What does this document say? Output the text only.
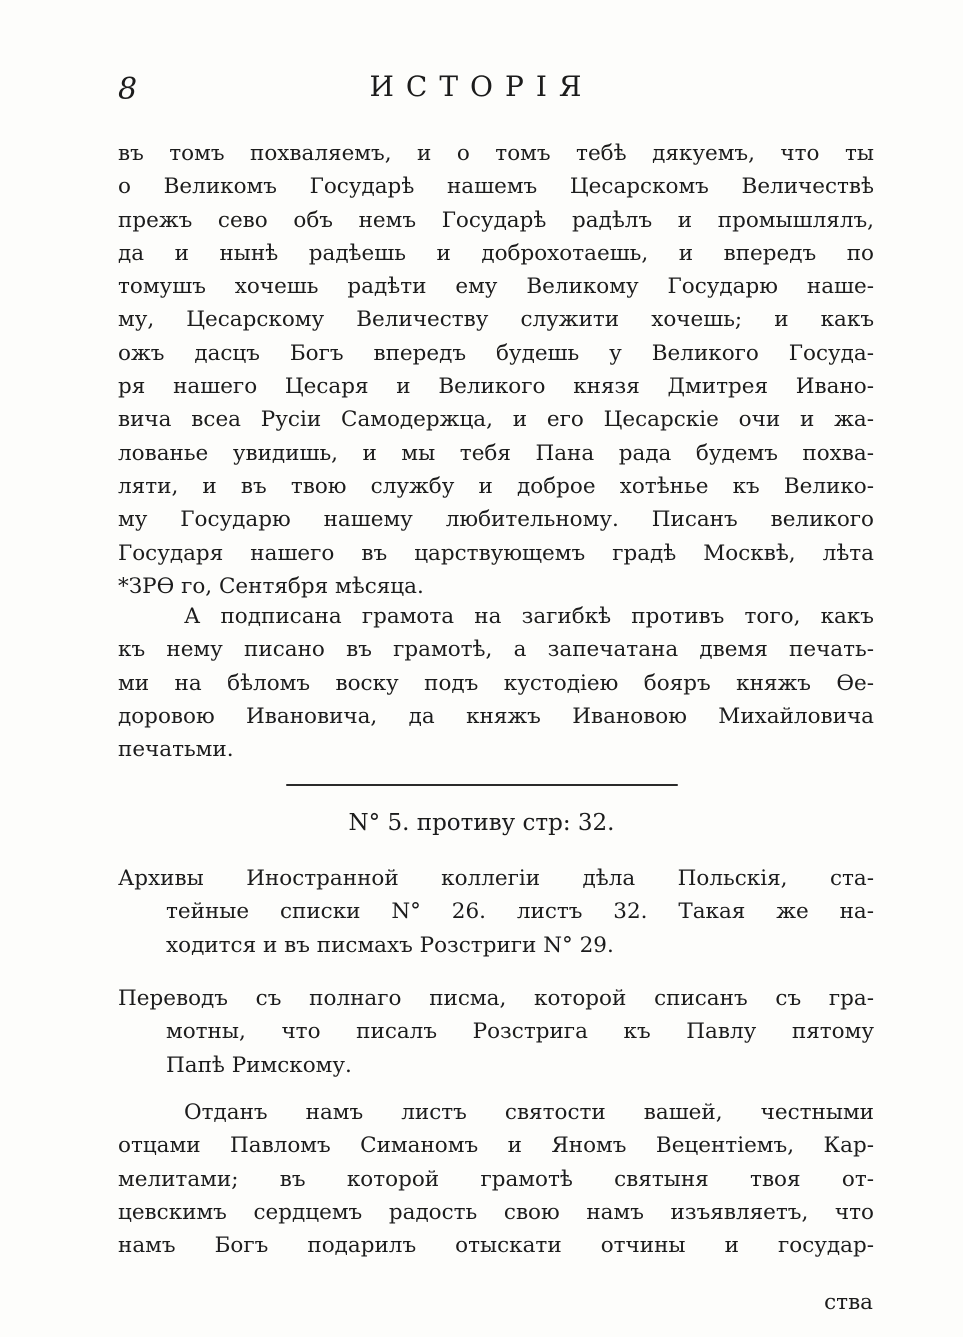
8	ИСТОРІЯ
въ томъ похваляемъ, и о томъ тебѣ дякуемъ, что ты
о Великомъ Государѣ нашемъ Цесарскомъ Величествѣ
прежъ сево объ немъ Государѣ радѣлъ и промышлялъ,
да и нынѣ радѣешь и доброхотаешь, и впередъ по
томушъ хочешь радѣти ему Великому Государю наше-
му, Цесарскому Величеству служити хочешь; и какъ
ожъ дасцъ Богъ впередъ будешь у Великого Госуда-
ря нашего Цесаря и Великого князя Дмитрея Ивано-
вича всеа Русіи Самодержца, и его Цесарскіе очи и жа-
лованье увидишь, и мы тебя Пана рада будемъ похва-
ляти, и въ твою службу и доброе хотѣнье къ Велико-
му Государю нашему любительному. Писанъ великого
Государя нашего въ царствующемъ градѣ Москвѣ, лѣта
*ЗРѲ го, Сентября мѣсяца.
А подписана грамота на загибкѣ противъ того, какъ
къ нему писано въ грамотѣ, а запечатана двемя печать-
ми на бѣломъ воску подъ кустодіею бояръ княжъ Ѳе-
доровою Ивановича, да княжъ Ивановою Михайловича
печатьми.
N° 5. противу стр: 32.
Архивы Иностранной коллегіи дѣла Польскія, ста-
тейные списки N° 26. листъ 32. Такая же на-
ходится и въ писмахъ Розстриги N° 29.
Переводъ съ полнаго писма, которой списанъ съ гра-
мотны, что писалъ Розстрига къ Павлу пятому
Папѣ Римскому.
Отданъ намъ листъ святости вашей, честными
отцами Павломъ Симаномъ и Яномъ Вецентіемъ, Кар-
мелитами; въ которой грамотѣ святыня твоя от-
цевскимъ сердцемъ радость свою намъ изъявляетъ, что
намъ Богъ подарилъ отыскати отчины и государ-
ства
